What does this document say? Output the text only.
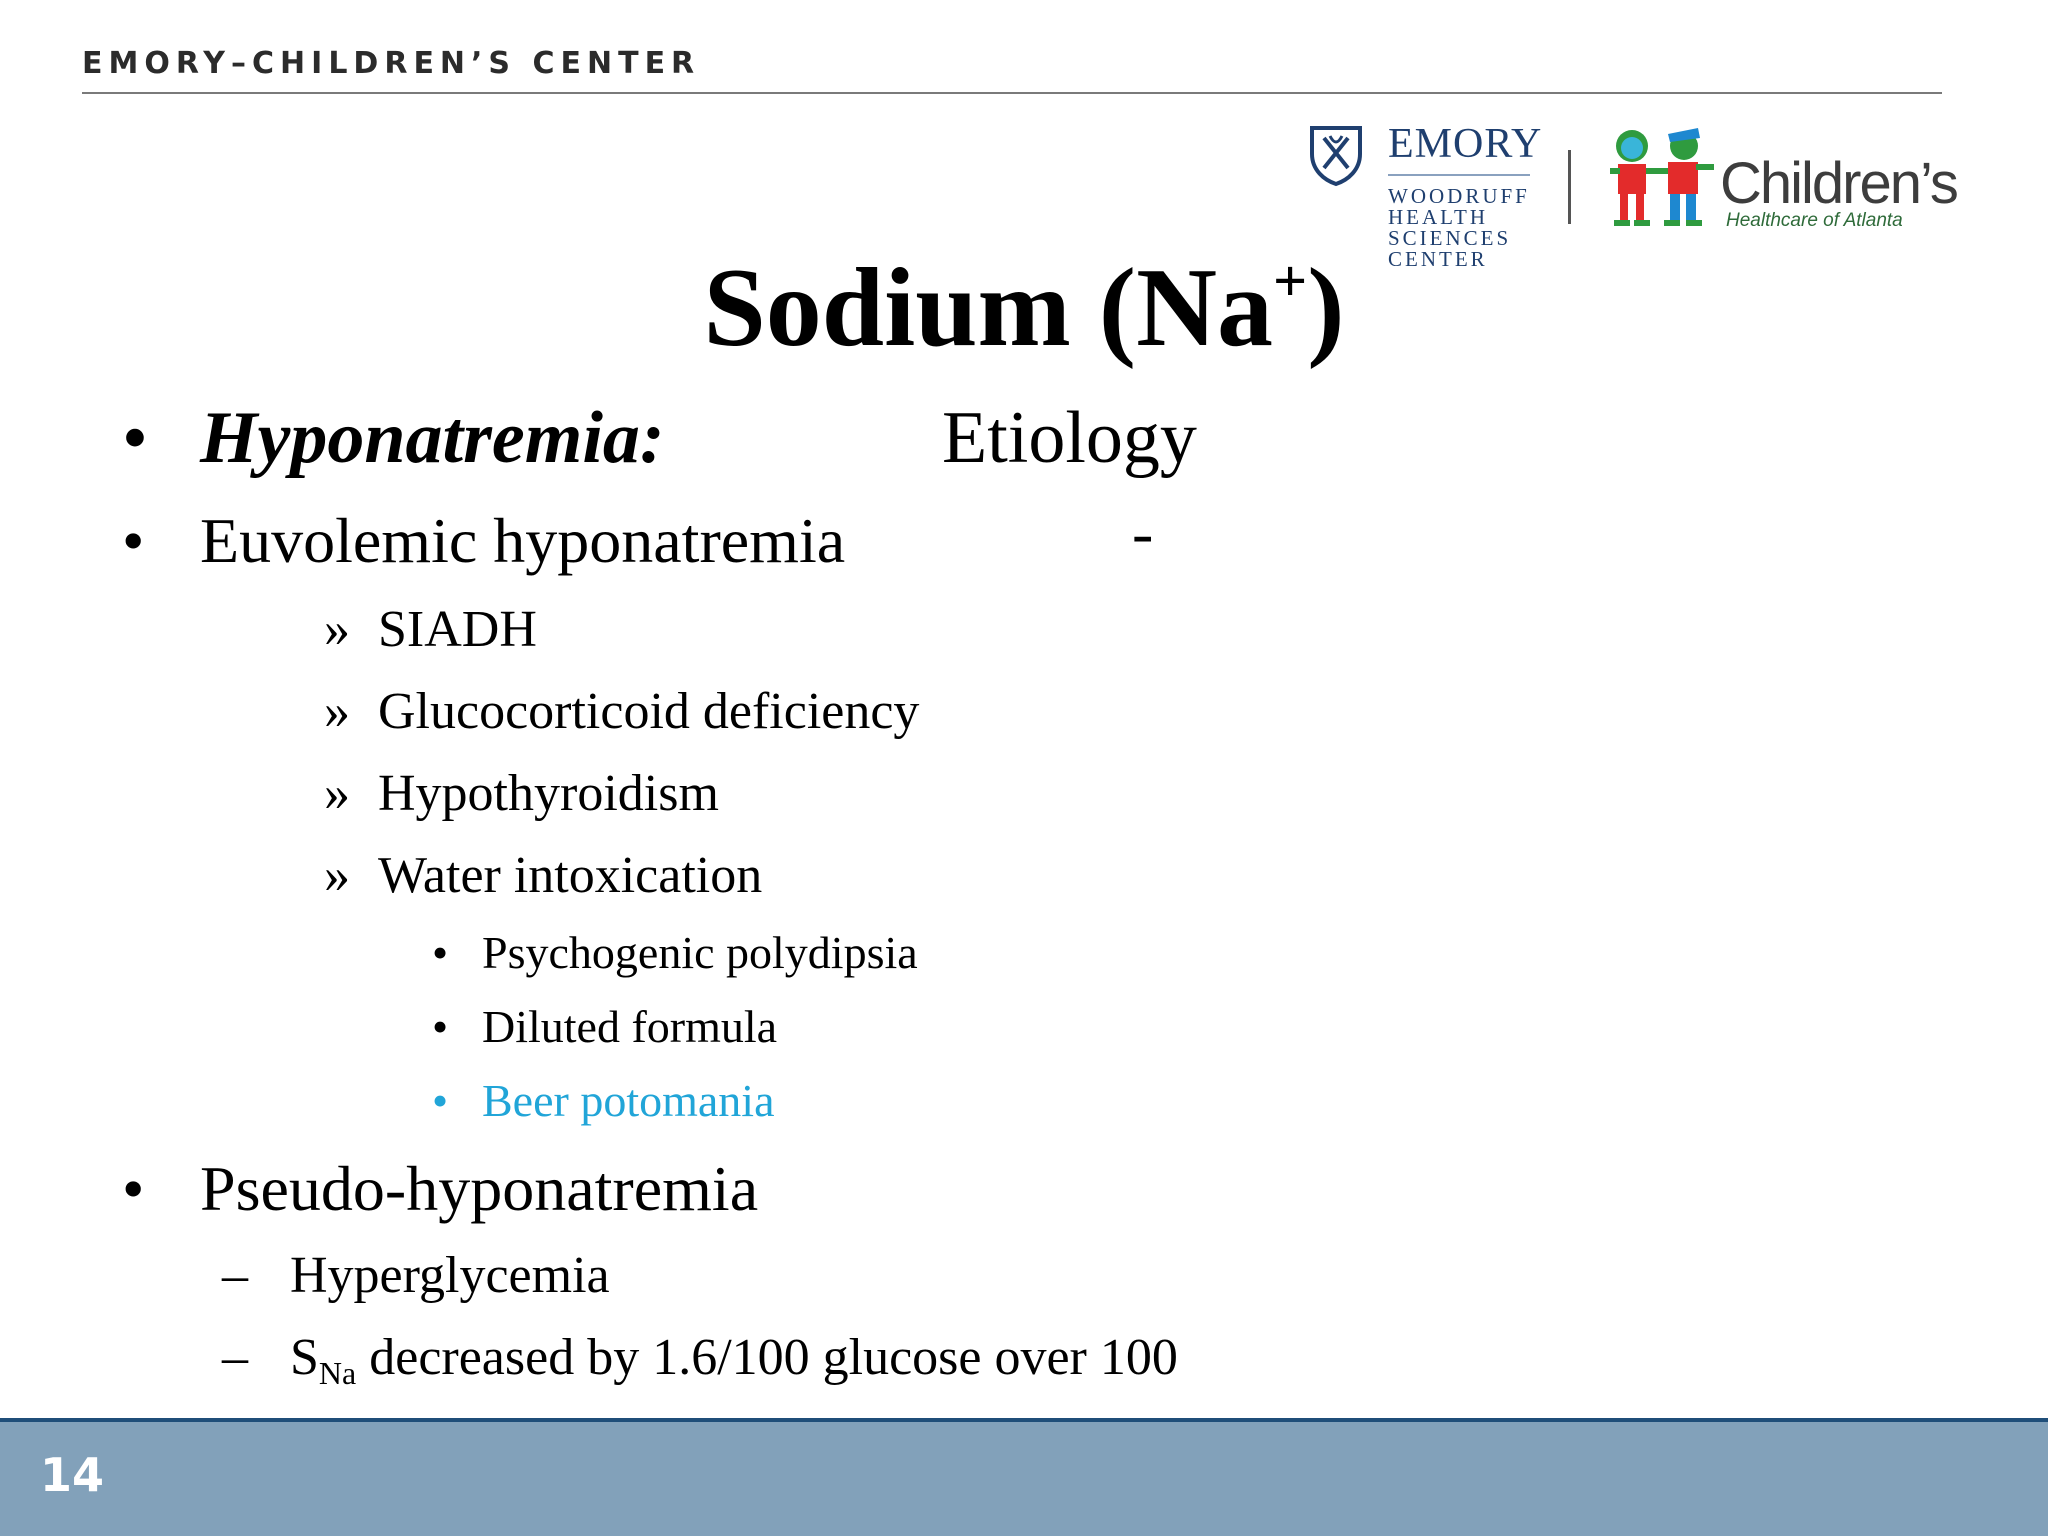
EMORY–CHILDREN’S CENTER
EMORY
WOODRUFF
HEALTH
SCIENCES
CENTER
Children’s
Healthcare of Atlanta
Sodium (Na+)
• Hyponatremia:	Etiology
• Euvolemic hyponatremia	-
» SIADH
» Glucocorticoid deficiency
» Hypothyroidism
» Water intoxication
• Psychogenic polydipsia
• Diluted formula
• Beer potomania
• Pseudo-hyponatremia
– Hyperglycemia
– $S_{Na}$ decreased by 1.6/100 glucose over 100
14
